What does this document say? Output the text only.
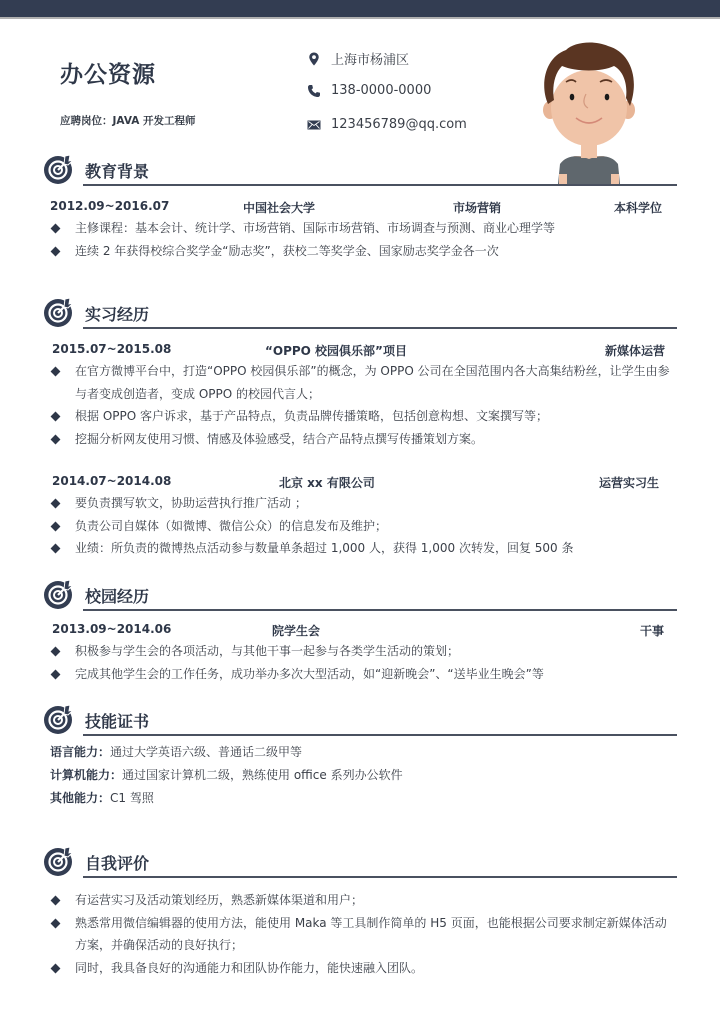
办公资源
应聘岗位：JAVA 开发工程师
上海市杨浦区
138-0000-0000
123456789@qq.com
教育背景
2012.09~2016.07	中国社会大学	市场营销	本科学位
主修课程：基本会计、统计学、市场营销、国际市场营销、市场调查与预测、商业心理学等
连续 2 年获得校综合奖学金“励志奖”，获校二等奖学金、国家励志奖学金各一次
实习经历
2015.07~2015.08	“OPPO 校园俱乐部”项目	新媒体运营
在官方微博平台中，打造“OPPO 校园俱乐部”的概念，为 OPPO 公司在全国范围内各大高集结粉丝，让学生由参与者变成创造者，变成 OPPO 的校园代言人；
根据 OPPO 客户诉求，基于产品特点，负责品牌传播策略，包括创意构想、文案撰写等；
挖掘分析网友使用习惯、情感及体验感受，结合产品特点撰写传播策划方案。
2014.07~2014.08	北京 xx 有限公司	运营实习生
要负责撰写软文，协助运营执行推广活动 ；
负责公司自媒体（如微博、微信公众）的信息发布及维护；
业绩：所负责的微博热点活动参与数量单条超过 1,000 人，获得 1,000 次转发，回复 500 条
校园经历
2013.09~2014.06	院学生会	干事
积极参与学生会的各项活动，与其他干事一起参与各类学生活动的策划；
完成其他学生会的工作任务，成功举办多次大型活动，如“迎新晚会”、“送毕业生晚会”等
技能证书
语言能力：通过大学英语六级、普通话二级甲等
计算机能力：通过国家计算机二级，熟练使用 office 系列办公软件
其他能力：C1 驾照
自我评价
有运营实习及活动策划经历，熟悉新媒体渠道和用户；
熟悉常用微信编辑器的使用方法，能使用 Maka 等工具制作简单的 H5 页面，也能根据公司要求制定新媒体活动方案，并确保活动的良好执行；
同时，我具备良好的沟通能力和团队协作能力，能快速融入团队。
